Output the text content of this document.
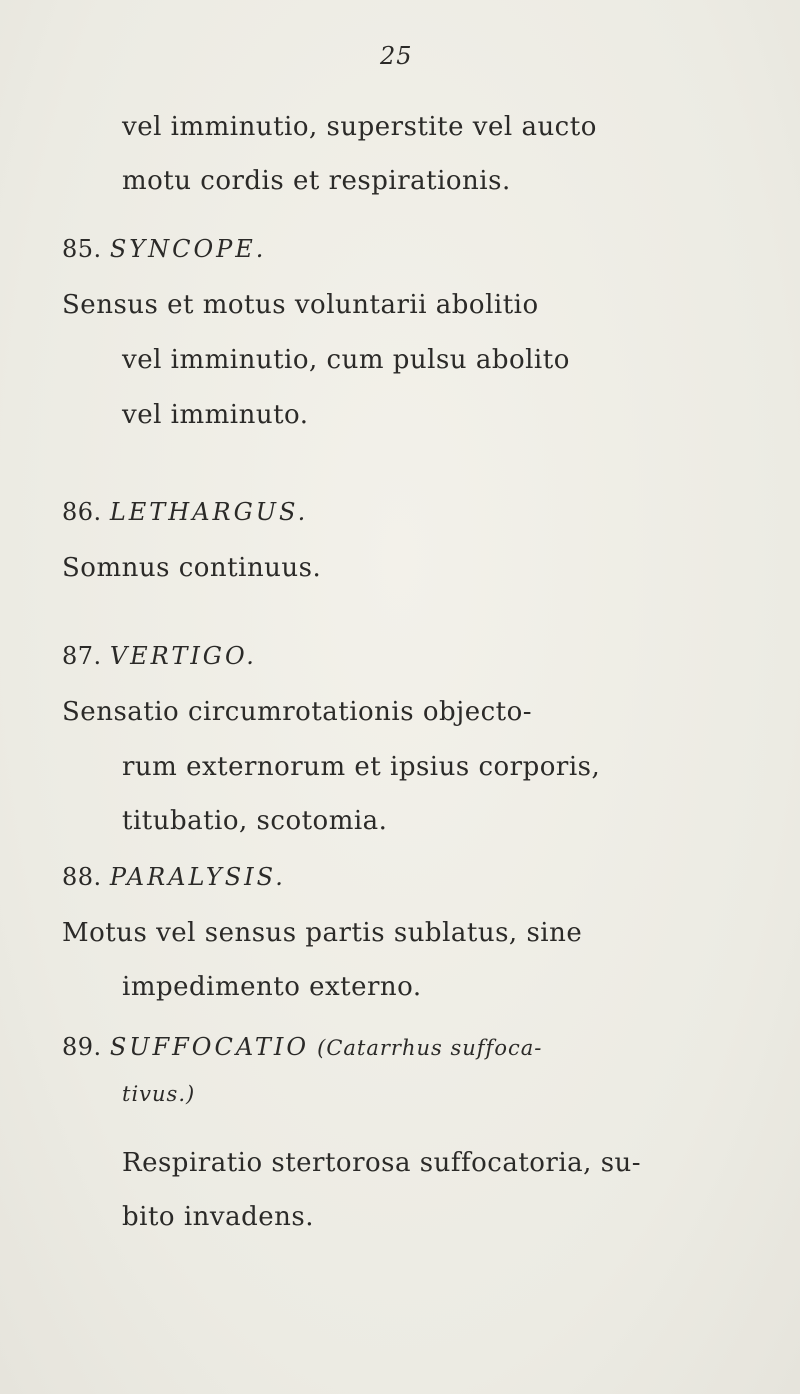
25
vel imminutio, superstite vel aucto
motu cordis et respirationis.
85. SYNCOPE.
Sensus et motus voluntarii abolitio
vel imminutio, cum pulsu abolito
vel imminuto.
86. LETHARGUS.
Somnus continuus.
87. VERTIGO.
Sensatio circumrotationis objecto-
rum externorum et ipsius corporis,
titubatio, scotomia.
88. PARALYSIS.
Motus vel sensus partis sublatus, sine
impedimento externo.
89. SUFFOCATIO (Catarrhus suffoca-
tivus.)
Respiratio stertorosa suffocatoria, su-
bito invadens.
